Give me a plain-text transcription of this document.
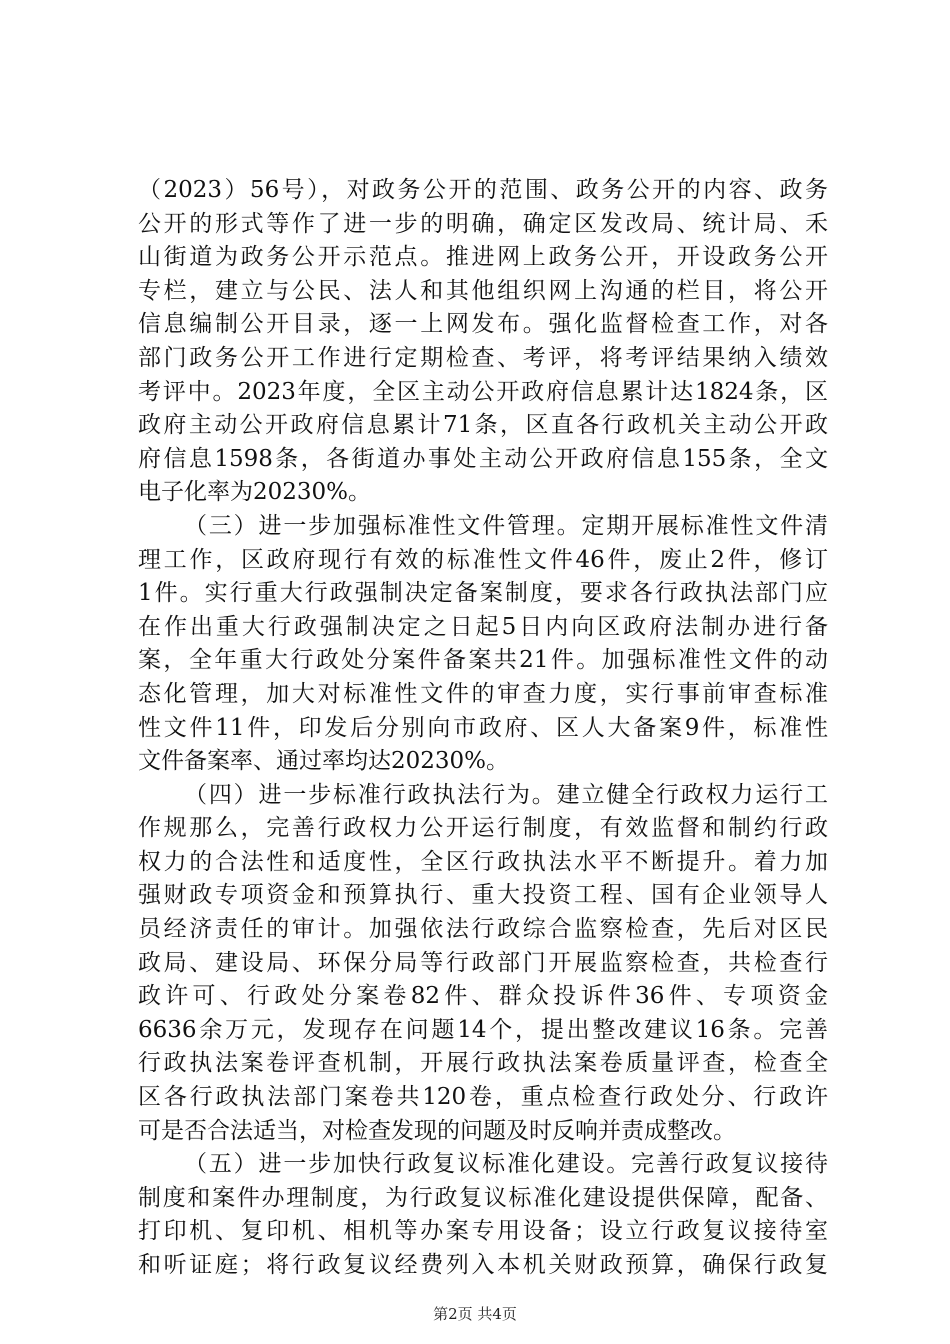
（2023）56号），对政务公开的范围、政务公开的内容、政务
公开的形式等作了进一步的明确，确定区发改局、统计局、禾
山街道为政务公开示范点。推进网上政务公开，开设政务公开
专栏，建立与公民、法人和其他组织网上沟通的栏目，将公开
信息编制公开目录，逐一上网发布。强化监督检查工作，对各
部门政务公开工作进行定期检查、考评，将考评结果纳入绩效
考评中。2023年度，全区主动公开政府信息累计达1824条，区
政府主动公开政府信息累计71条，区直各行政机关主动公开政
府信息1598条，各街道办事处主动公开政府信息155条，全文
电子化率为20230%。
（三）进一步加强标准性文件管理。定期开展标准性文件清
理工作，区政府现行有效的标准性文件46件，废止2件，修订
1件。实行重大行政强制决定备案制度，要求各行政执法部门应
在作出重大行政强制决定之日起5日内向区政府法制办进行备
案，全年重大行政处分案件备案共21件。加强标准性文件的动
态化管理，加大对标准性文件的审查力度，实行事前审查标准
性文件11件，印发后分别向市政府、区人大备案9件，标准性
文件备案率、通过率均达20230%。
（四）进一步标准行政执法行为。建立健全行政权力运行工
作规那么，完善行政权力公开运行制度，有效监督和制约行政
权力的合法性和适度性，全区行政执法水平不断提升。着力加
强财政专项资金和预算执行、重大投资工程、国有企业领导人
员经济责任的审计。加强依法行政综合监察检查，先后对区民
政局、建设局、环保分局等行政部门开展监察检查，共检查行
政许可、行政处分案卷82件、群众投诉件36件、专项资金
6636余万元，发现存在问题14个，提出整改建议16条。完善
行政执法案卷评查机制，开展行政执法案卷质量评查，检查全
区各行政执法部门案卷共120卷，重点检查行政处分、行政许
可是否合法适当，对检查发现的问题及时反响并责成整改。
（五）进一步加快行政复议标准化建设。完善行政复议接待
制度和案件办理制度，为行政复议标准化建设提供保障，配备、
打印机、复印机、相机等办案专用设备；设立行政复议接待室
和听证庭；将行政复议经费列入本机关财政预算，确保行政复
第2页 共4页
